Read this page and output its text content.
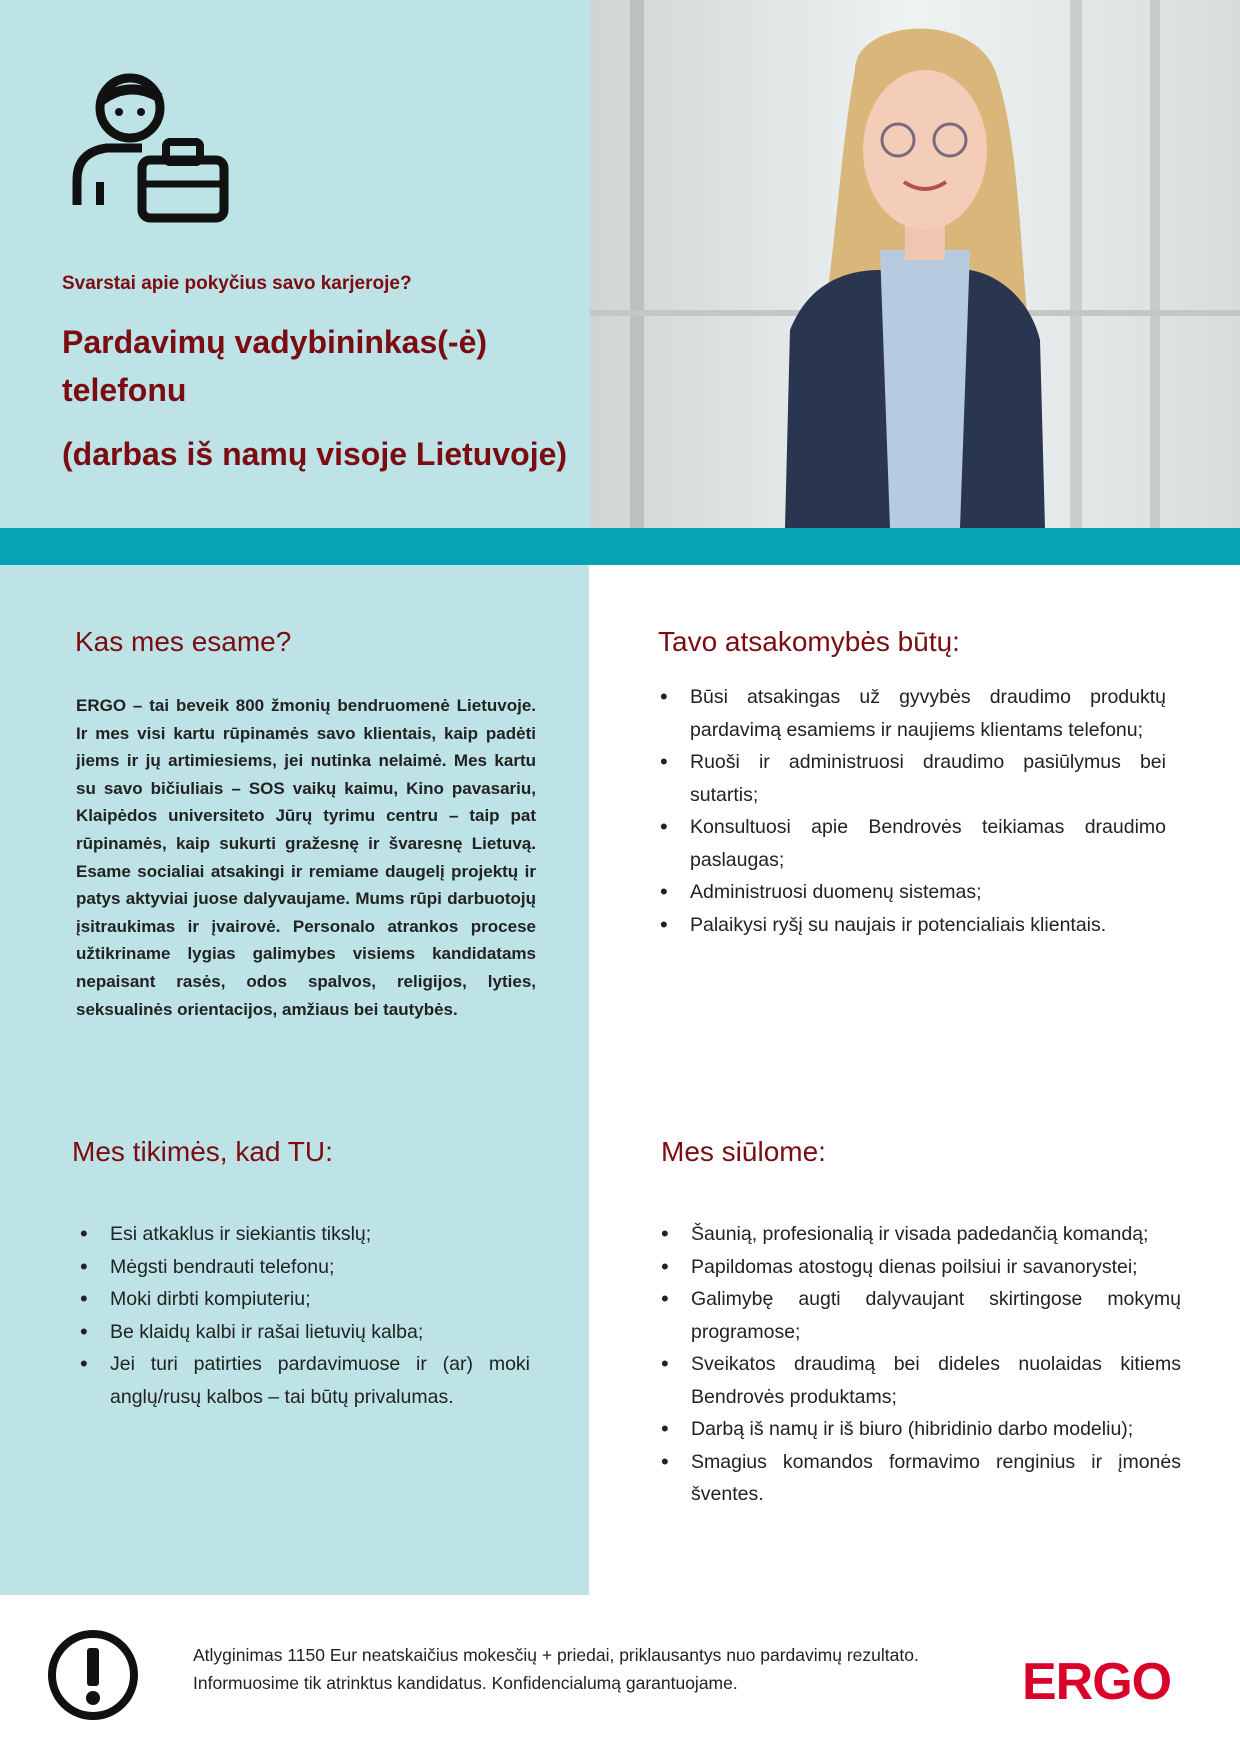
Svarstai apie pokyčius savo karjeroje?
Pardavimų vadybininkas(-ė)
telefonu
(darbas iš namų visoje Lietuvoje)
Kas mes esame?
ERGO – tai beveik 800 žmonių bendruomenė Lietuvoje. Ir mes visi kartu rūpinamės savo klientais, kaip padėti jiems ir jų artimiesiems, jei nutinka nelaimė. Mes kartu su savo bičiuliais – SOS vaikų kaimu, Kino pavasariu, Klaipėdos universiteto Jūrų tyrimu centru – taip pat rūpinamės, kaip sukurti gražesnę ir švaresnę Lietuvą. Esame socialiai atsakingi ir remiame daugelį projektų ir patys aktyviai juose dalyvaujame. Mums rūpi darbuotojų įsitraukimas ir įvairovė. Personalo atrankos procese užtikriname lygias galimybes visiems kandidatams nepaisant rasės, odos spalvos, religijos, lyties, seksualinės orientacijos, amžiaus bei tautybės.
Tavo atsakomybės būtų:
• Būsi atsakingas už gyvybės draudimo produktų pardavimą esamiems ir naujiems klientams telefonu;
• Ruoši ir administruosi draudimo pasiūlymus bei sutartis;
• Konsultuosi apie Bendrovės teikiamas draudimo paslaugas;
• Administruosi duomenų sistemas;
• Palaikysi ryšį su naujais ir potencialiais klientais.
Mes tikimės, kad TU:
• Esi atkaklus ir siekiantis tikslų;
• Mėgsti bendrauti telefonu;
• Moki dirbti kompiuteriu;
• Be klaidų kalbi ir rašai lietuvių kalba;
• Jei turi patirties pardavimuose ir (ar) moki anglų/rusų kalbos – tai būtų privalumas.
Mes siūlome:
• Šaunią, profesionalią ir visada padedančią komandą;
• Papildomas atostogų dienas poilsiui ir savanorystei;
• Galimybę augti dalyvaujant skirtingose mokymų programose;
• Sveikatos draudimą bei dideles nuolaidas kitiems Bendrovės produktams;
• Darbą iš namų ir iš biuro (hibridinio darbo modeliu);
• Smagius komandos formavimo renginius ir įmonės šventes.
Atlyginimas 1150 Eur neatskaičius mokesčių + priedai, priklausantys nuo pardavimų rezultato.
Informuosime tik atrinktus kandidatus. Konfidencialumą garantuojame.	ERGO
